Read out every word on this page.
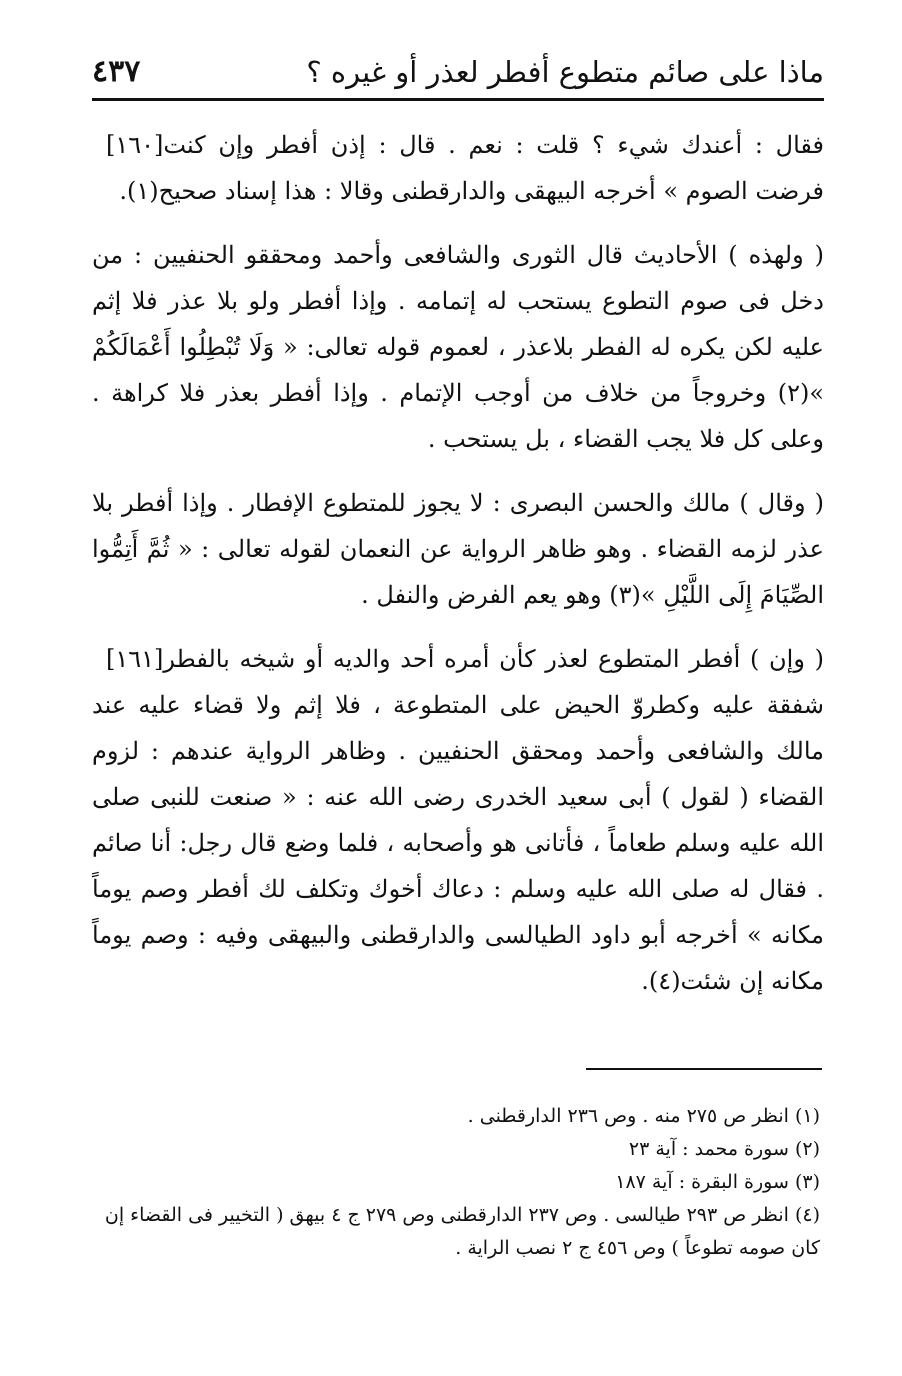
ماذا على صائم متطوع أفطر لعذر أو غيره ؟
٤٣٧

[١٦٠] فقال : أعندك شيء ؟ قلت : نعم . قال : إذن أفطر وإن كنت فرضت الصوم » أخرجه البيهقى والدارقطنى وقالا : هذا إسناد صحيح(١).

( ولهذه ) الأحاديث قال الثورى والشافعى وأحمد ومحققو الحنفيين : من دخل فى صوم التطوع يستحب له إتمامه . وإذا أفطر ولو بلا عذر فلا إثم عليه لكن يكره له الفطر بلاعذر ، لعموم قوله تعالى: « وَلَا تُبْطِلُوا أَعْمَالَكُمْ »(٢) وخروجاً من خلاف من أوجب الإتمام . وإذا أفطر بعذر فلا كراهة . وعلى كل فلا يجب القضاء ، بل يستحب .

( وقال ) مالك والحسن البصرى : لا يجوز للمتطوع الإفطار . وإذا أفطر بلا عذر لزمه القضاء . وهو ظاهر الرواية عن النعمان لقوله تعالى : « ثُمَّ أَتِمُّوا الصِّيَامَ إِلَى اللَّيْلِ »(٣) وهو يعم الفرض والنفل .

[١٦١] ( وإن ) أفطر المتطوع لعذر كأن أمره أحد والديه أو شيخه بالفطر شفقة عليه وكطروّ الحيض على المتطوعة ، فلا إثم ولا قضاء عليه عند مالك والشافعى وأحمد ومحقق الحنفيين . وظاهر الرواية عندهم : لزوم القضاء ( لقول ) أبى سعيد الخدرى رضى الله عنه : « صنعت للنبى صلى الله عليه وسلم طعاماً ، فأتانى هو وأصحابه ، فلما وضع قال رجل: أنا صائم . فقال له صلى الله عليه وسلم : دعاك أخوك وتكلف لك أفطر وصم يوماً مكانه » أخرجه أبو داود الطيالسى والدارقطنى والبيهقى وفيه : وصم يوماً مكانه إن شئت(٤).

(١) انظر ص ٢٧٥ منه . وص ٢٣٦ الدارقطنى .

(٢) سورة محمد : آية ٢٣

(٣) سورة البقرة : آية ١٨٧

(٤) انظر ص ٢٩٣ طيالسى . وص ٢٣٧ الدارقطنى وص ٢٧٩ ج ٤ بيهق ( التخيير فى القضاء إن كان صومه تطوعاً ) وص ٤٥٦ ج ٢ نصب الراية .
